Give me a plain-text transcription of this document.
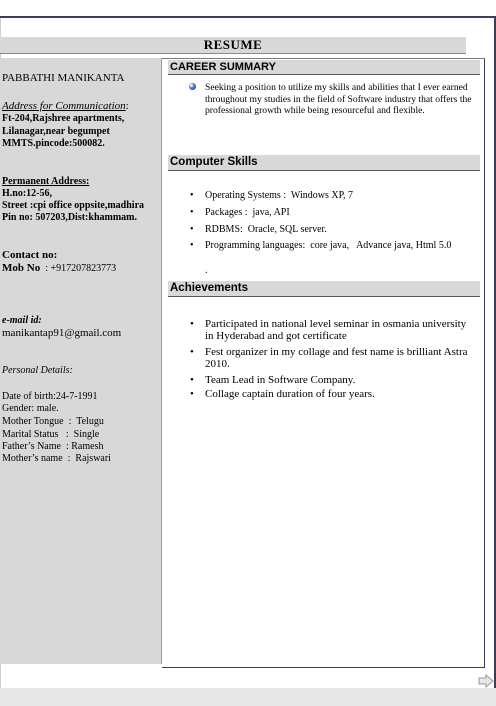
RESUME
PABBATHI MANIKANTA
Address for Communication:
Ft-204,Rajshree apartments,
Lilanagar,near begumpet
MMTS.pincode:500082.
Permanent Address:
H.no:12-56,
Street :cpi office oppsite,madhira
Pin no: 507203,Dist:khammam.
Contact no:
Mob No  : +917207823773
e-mail id:
manikantap91@gmail.com
Personal Details:
Date of birth:24-7-1991
Gender: male.
Mother Tongue  :  Telugu
Marital Status   :  Single
Father’s Name  : Ramesh
Mother’s name  :  Rajswari
CAREER SUMMARY
Seeking a position to utilize my skills and abilities that I ever earned throughout my studies in the field of Software industry that offers the professional growth while being resourceful and flexible.
Computer Skills
• Operating Systems :  Windows XP, 7
• Packages :  java, API
• RDBMS:  Oracle, SQL server.
• Programming languages:  core java,   Advance java, Html 5.0
.
Achievements
• Participated in national level seminar in osmania university in Hyderabad and got certificate
• Fest organizer in my collage and fest name is brilliant Astra 2010.
• Team Lead in Software Company.
• Collage captain duration of four years.
